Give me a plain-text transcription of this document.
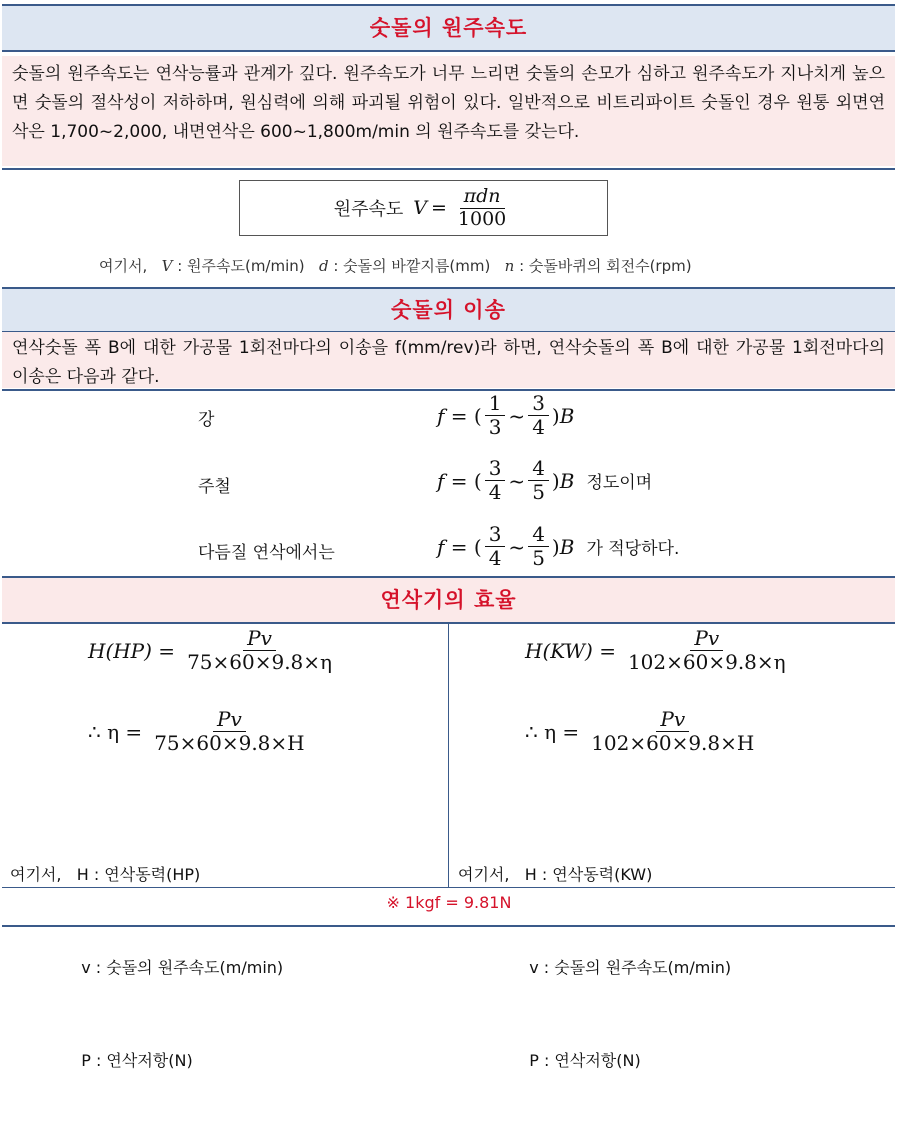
숫돌의 원주속도
숫돌의 원주속도는 연삭능률과 관계가 깊다. 원주속도가 너무 느리면 숫돌의 손모가 심하고 원주속도가 지나치게 높으면 숫돌의 절삭성이 저하하며, 원심력에 의해 파괴될 위험이 있다. 일반적으로 비트리파이트 숫돌인 경우 원통 외면연삭은 1,700~2,000, 내면연삭은 600~1,800m/min 의 원주속도를 갖는다.
원주속도 $V = \frac{\text{πdn}}{1000}$
여기서, V : 원주속도(m/min) d : 숫돌의 바깥지름(mm) n : 숫돌바퀴의 회전수(rpm)
숫돌의 이송
연삭숫돌 폭 B에 대한 가공물 1회전마다의 이송을 f(mm/rev)라 하면, 연삭숫돌의 폭 B에 대한 가공물 1회전마다의 이송은 다음과 같다.
강	f = ( $\frac{1}{3}$ ~ $\frac{3}{4}$ ) B
주철	f = ( $\frac{3}{4}$ ~ $\frac{4}{5}$ ) B 정도이며
다듬질 연삭에서는	f = ( $\frac{3}{4}$ ~ $\frac{4}{5}$ ) B 가 적당하다.
연삭기의 효율
$H(HP) = \frac{Pv}{75\times 60\times 9.8\times\eta}$
∴ $\eta = \frac{Pv}{75\times 60\times 9.8\times H}$

여기서,   H : 연삭동력(HP)

v : 숫돌의 원주속도(m/min)

P : 연삭저항(N)

$H(KW) = \frac{Pv}{102\times 60\times 9.8\times\eta}$
∴ $\eta = \frac{Pv}{102\times 60\times 9.8\times H}$

여기서,   H : 연삭동력(KW)

v : 숫돌의 원주속도(m/min)

P : 연삭저항(N)

※ 1kgf = 9.81N
